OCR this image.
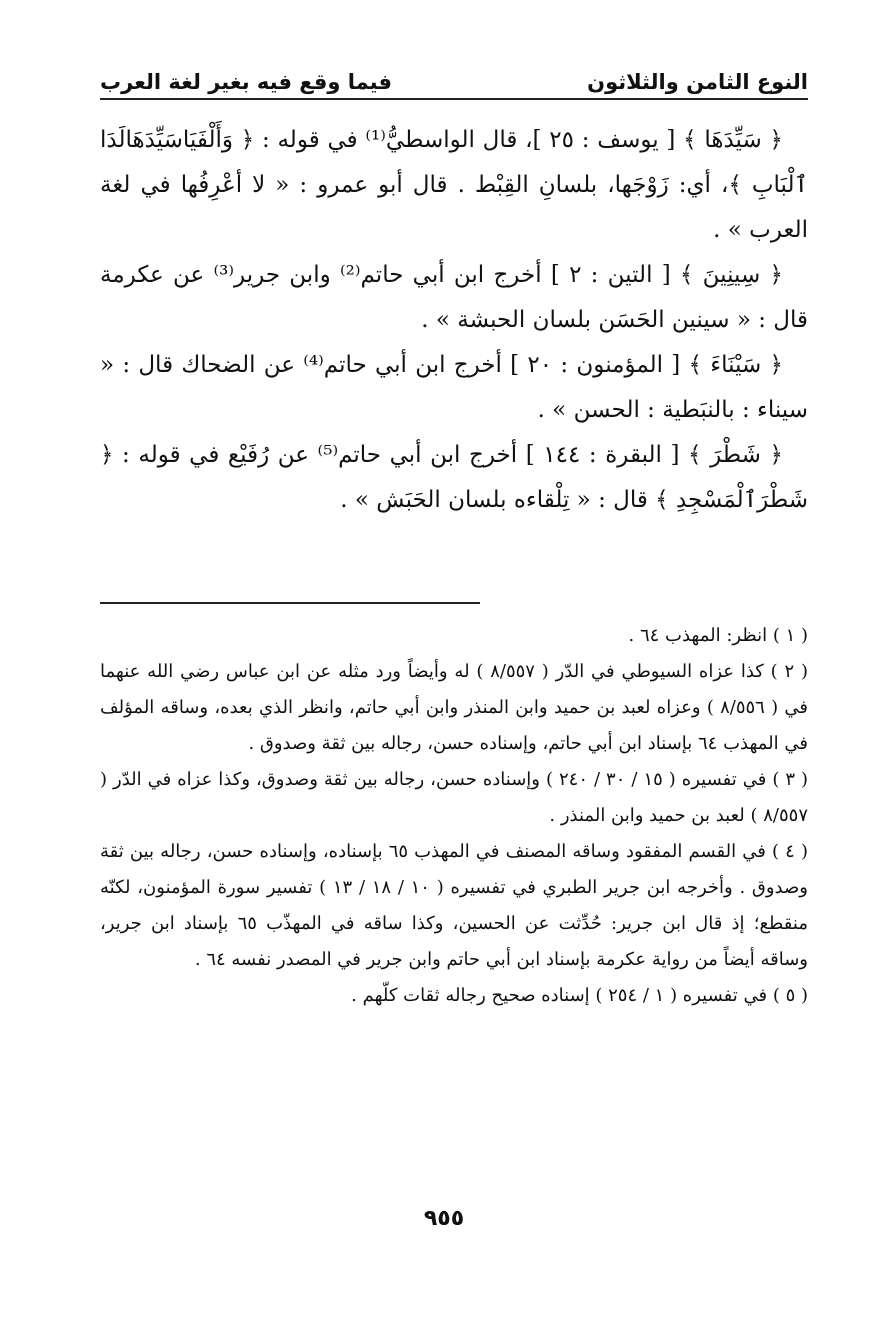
النوع الثامن والثلاثون
فيما وقع فيه بغير لغة العرب

﴿ سَيِّدَهَا ﴾ [ يوسف : ٢٥ ]، قال الواسطيُّ⁽¹⁾ في قوله : ﴿ وَأَلْفَيَاسَيِّدَهَالَدَا ٱلْبَابِ ﴾، أي: زَوْجَها، بلسانِ القِبْط . قال أبو عمرو : « لا أعْرِفُها في لغة العرب » .

﴿ سِينِينَ ﴾ [ التين : ٢ ] أخرج ابن أبي حاتم⁽²⁾ وابن جرير⁽³⁾ عن عكرمة قال : « سينين الحَسَن بلسان الحبشة » .

﴿ سَيْنَاءَ ﴾ [ المؤمنون : ٢٠ ] أخرج ابن أبي حاتم⁽⁴⁾ عن الضحاك قال : « سيناء : بالنبَطية : الحسن » .

﴿ شَطْرَ ﴾ [ البقرة : ١٤٤ ] أخرج ابن أبي حاتم⁽⁵⁾ عن رُفَيْع في قوله : ﴿ شَطْرَٱلْمَسْجِدِ ﴾ قال : « تِلْقاءه بلسان الحَبَش » .

( ١ ) انظر: المهذب ٦٤ .

( ٢ ) كذا عزاه السيوطي في الدّر ( ٨/٥٥٧ ) له وأيضاً ورد مثله عن ابن عباس رضي الله عنهما في ( ٨/٥٥٦ ) وعزاه لعبد بن حميد وابن المنذر وابن أبي حاتم، وانظر الذي بعده، وساقه المؤلف في المهذب ٦٤ بإسناد ابن أبي حاتم، وإسناده حسن، رجاله بين ثقة وصدوق .

( ٣ ) في تفسيره ( ١٥ / ٣٠ / ٢٤٠ ) وإسناده حسن، رجاله بين ثقة وصدوق، وكذا عزاه في الدّر ( ٨/٥٥٧ ) لعبد بن حميد وابن المنذر .

( ٤ ) في القسم المفقود وساقه المصنف في المهذب ٦٥ بإسناده، وإسناده حسن، رجاله بين ثقة وصدوق . وأخرجه ابن جرير الطبري في تفسيره ( ١٠ / ١٨ / ١٣ ) تفسير سورة المؤمنون، لكنّه منقطع؛ إذ قال ابن جرير: حُدِّثت عن الحسين، وكذا ساقه في المهذّب ٦٥ بإسناد ابن جرير، وساقه أيضاً من رواية عكرمة بإسناد ابن أبي حاتم وابن جرير في المصدر نفسه ٦٤ .

( ٥ ) في تفسيره ( ١ / ٢٥٤ ) إسناده صحيح رجاله ثقات كلّهم .

٩٥٥
